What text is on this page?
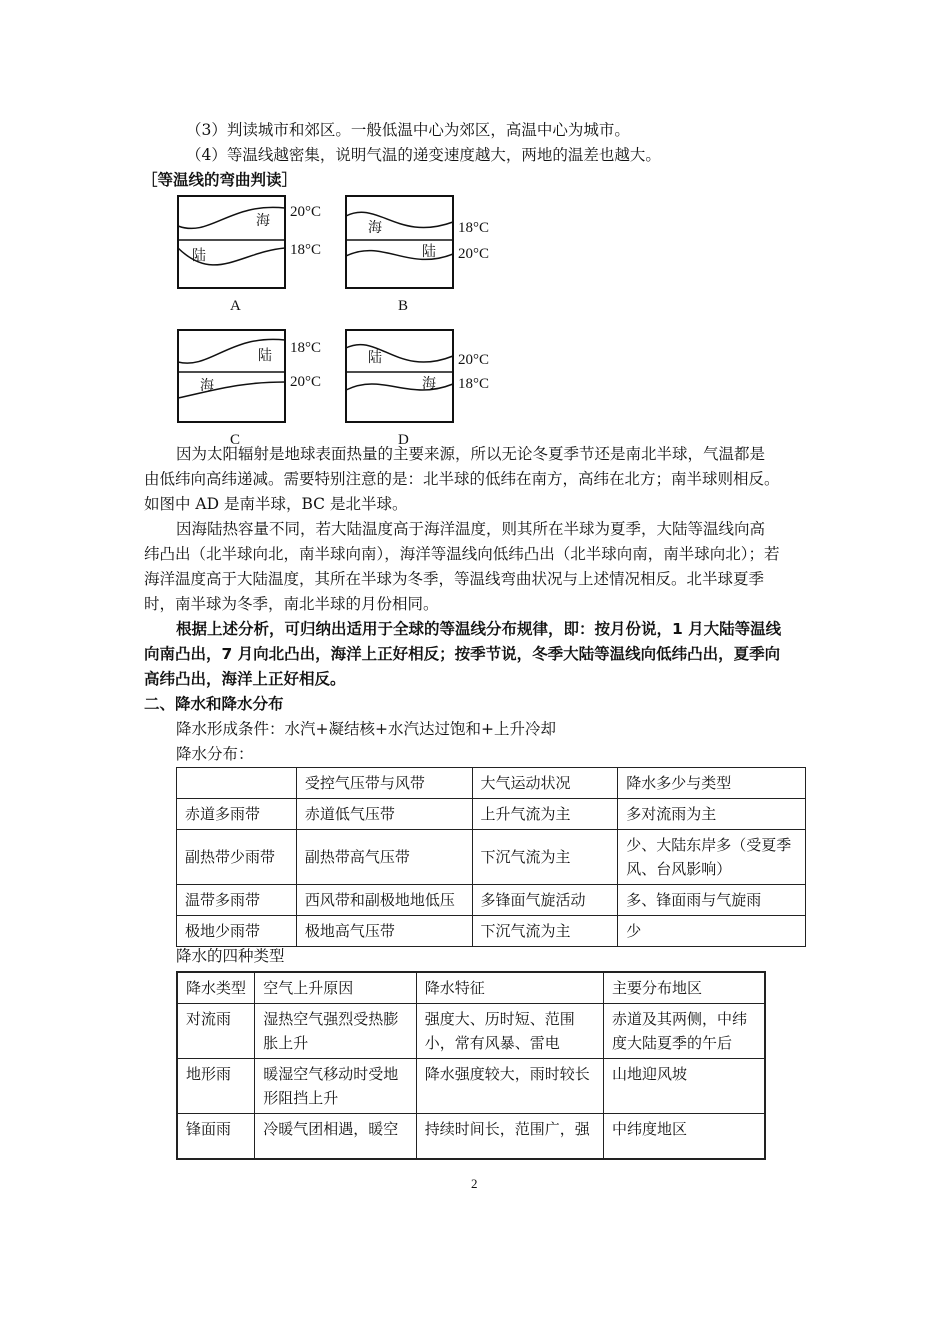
（3）判读城市和郊区。一般低温中心为郊区，高温中心为城市。
（4）等温线越密集，说明气温的递变速度越大，两地的温差也越大。
［等温线的弯曲判读］
海
陆
20°C
18°C
A
海
陆
18°C
20°C
B
陆
海
18°C
20°C
C
陆
海
20°C
18°C
D
因为太阳辐射是地球表面热量的主要来源，所以无论冬夏季节还是南北半球，气温都是
由低纬向高纬递减。需要特别注意的是：北半球的低纬在南方，高纬在北方；南半球则相反。
如图中 AD 是南半球，BC 是北半球。
因海陆热容量不同，若大陆温度高于海洋温度，则其所在半球为夏季，大陆等温线向高
纬凸出（北半球向北，南半球向南），海洋等温线向低纬凸出（北半球向南，南半球向北）；若
海洋温度高于大陆温度，其所在半球为冬季，等温线弯曲状况与上述情况相反。北半球夏季
时，南半球为冬季，南北半球的月份相同。
根据上述分析，可归纳出适用于全球的等温线分布规律，即：按月份说，1 月大陆等温线
向南凸出，7 月向北凸出，海洋上正好相反；按季节说，冬季大陆等温线向低纬凸出，夏季向
高纬凸出，海洋上正好相反。
二、降水和降水分布
降水形成条件：水汽+凝结核+水汽达过饱和+上升冷却
降水分布：
	受控气压带与风带	大气运动状况	降水多少与类型
赤道多雨带	赤道低气压带	上升气流为主	多对流雨为主
副热带少雨带	副热带高气压带	下沉气流为主	少、大陆东岸多（受夏季风、台风影响）
温带多雨带	西风带和副极地地低压	多锋面气旋活动	多、锋面雨与气旋雨
极地少雨带	极地高气压带	下沉气流为主	少
降水的四种类型
降水类型	空气上升原因	降水特征	主要分布地区
对流雨	湿热空气强烈受热膨胀上升	强度大、历时短、范围小，常有风暴、雷电	赤道及其两侧，中纬度大陆夏季的午后
地形雨	暖湿空气移动时受地形阻挡上升	降水强度较大，雨时较长	山地迎风坡
锋面雨	冷暖气团相遇，暖空	持续时间长，范围广，强	中纬度地区
2
